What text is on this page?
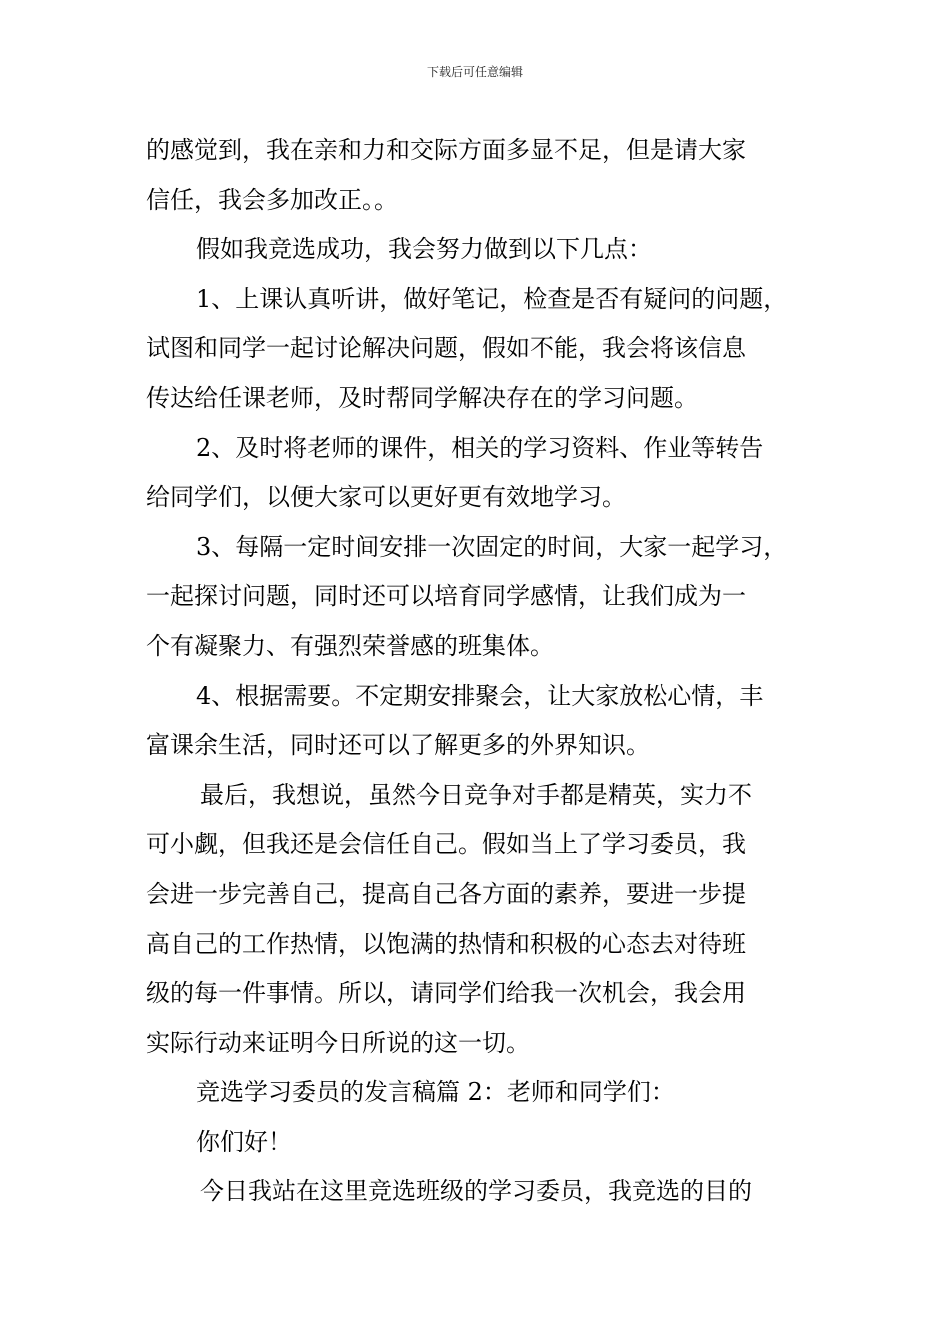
下载后可任意编辑
的感觉到，我在亲和力和交际方面多显不足，但是请大家
信任，我会多加改正。。
假如我竞选成功，我会努力做到以下几点：
1、上课认真听讲，做好笔记，检查是否有疑问的问题，
试图和同学一起讨论解决问题，假如不能，我会将该信息
传达给任课老师，及时帮同学解决存在的学习问题。
2、及时将老师的课件，相关的学习资料、作业等转告
给同学们，以便大家可以更好更有效地学习。
3、每隔一定时间安排一次固定的时间，大家一起学习，
一起探讨问题，同时还可以培育同学感情，让我们成为一
个有凝聚力、有强烈荣誉感的班集体。
4、根据需要。不定期安排聚会，让大家放松心情，丰
富课余生活，同时还可以了解更多的外界知识。
最后，我想说，虽然今日竞争对手都是精英，实力不
可小觑，但我还是会信任自己。假如当上了学习委员，我
会进一步完善自己，提高自己各方面的素养，要进一步提
高自己的工作热情，以饱满的热情和积极的心态去对待班
级的每一件事情。所以，请同学们给我一次机会，我会用
实际行动来证明今日所说的这一切。
竞选学习委员的发言稿篇 2：老师和同学们：
你们好！
今日我站在这里竞选班级的学习委员，我竞选的目的
